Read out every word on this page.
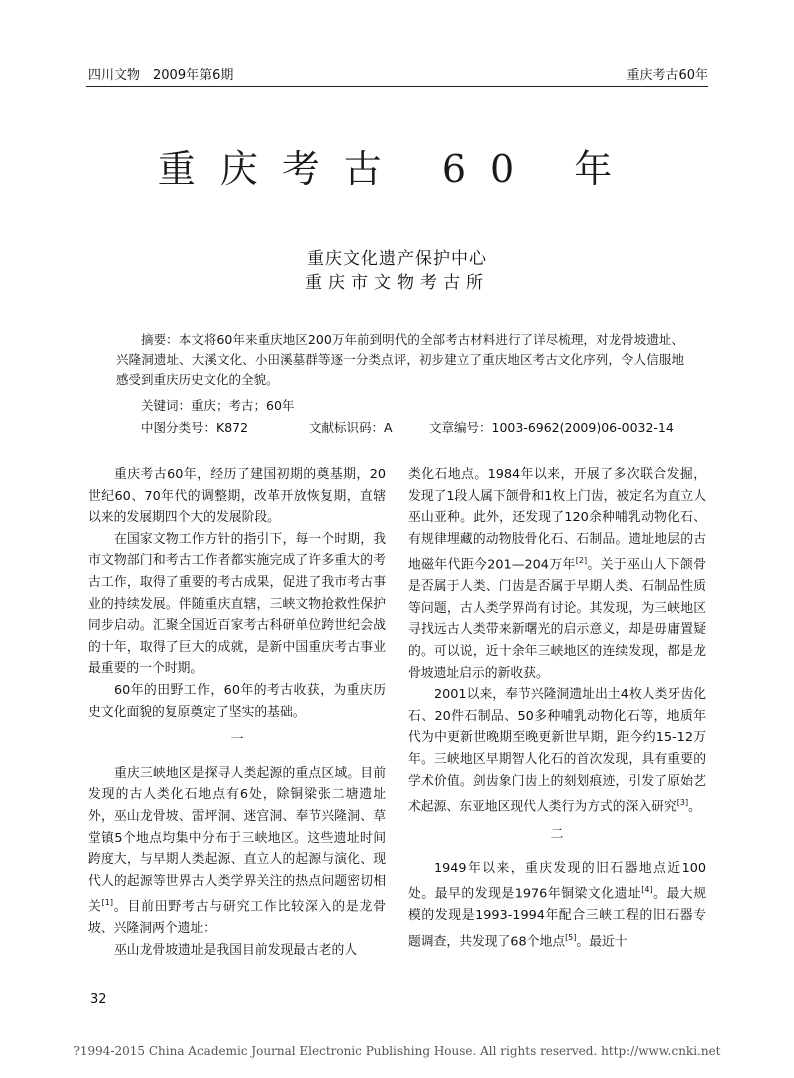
四川文物　2009年第6期	重庆考古60年
重庆考古 60 年
重庆文化遗产保护中心
重庆市文物考古所

摘要：本文将60年来重庆地区200万年前到明代的全部考古材料进行了详尽梳理，对龙骨坡遗址、兴隆洞遗址、大溪文化、小田溪墓群等逐一分类点评，初步建立了重庆地区考古文化序列，令人信服地感受到重庆历史文化的全貌。

关键词：重庆；考古；60年
中图分类号：K872	文献标识码：A	文章编号：1003-6962(2009)06-0032-14

重庆考古60年，经历了建国初期的奠基期，20世纪60、70年代的调整期，改革开放恢复期，直辖以来的发展期四个大的发展阶段。

在国家文物工作方针的指引下，每一个时期，我市文物部门和考古工作者都实施完成了许多重大的考古工作，取得了重要的考古成果，促进了我市考古事业的持续发展。伴随重庆直辖，三峡文物抢救性保护同步启动。汇聚全国近百家考古科研单位跨世纪会战的十年，取得了巨大的成就，是新中国重庆考古事业最重要的一个时期。

60年的田野工作，60年的考古收获，为重庆历史文化面貌的复原奠定了坚实的基础。

一

重庆三峡地区是探寻人类起源的重点区域。目前发现的古人类化石地点有6处，除铜梁张二塘遗址外，巫山龙骨坡、雷坪洞、迷宫洞、奉节兴隆洞、草堂镇5个地点均集中分布于三峡地区。这些遗址时间跨度大，与早期人类起源、直立人的起源与演化、现代人的起源等世界古人类学界关注的热点问题密切相关[1]。目前田野考古与研究工作比较深入的是龙骨坡、兴隆洞两个遗址：

巫山龙骨坡遗址是我国目前发现最古老的人

类化石地点。1984年以来，开展了多次联合发掘，发现了1段人属下颌骨和1枚上门齿，被定名为直立人巫山亚种。此外，还发现了120余种哺乳动物化石、有规律埋藏的动物肢骨化石、石制品。遗址地层的古地磁年代距今201—204万年[2]。关于巫山人下颌骨是否属于人类、门齿是否属于早期人类、石制品性质等问题，古人类学界尚有讨论。其发现，为三峡地区寻找远古人类带来新曙光的启示意义，却是毋庸置疑的。可以说，近十余年三峡地区的连续发现，都是龙骨坡遗址启示的新收获。

2001以来，奉节兴隆洞遗址出土4枚人类牙齿化石、20件石制品、50多种哺乳动物化石等，地质年代为中更新世晚期至晚更新世早期，距今约15-12万年。三峡地区早期智人化石的首次发现，具有重要的学术价值。剑齿象门齿上的刻划痕迹，引发了原始艺术起源、东亚地区现代人类行为方式的深入研究[3]。

二

1949年以来，重庆发现的旧石器地点近100处。最早的发现是1976年铜梁文化遗址[4]。最大规模的发现是1993-1994年配合三峡工程的旧石器专题调查，共发现了68个地点[5]。最近十

32
?1994-2015 China Academic Journal Electronic Publishing House. All rights reserved. http://www.cnki.net
